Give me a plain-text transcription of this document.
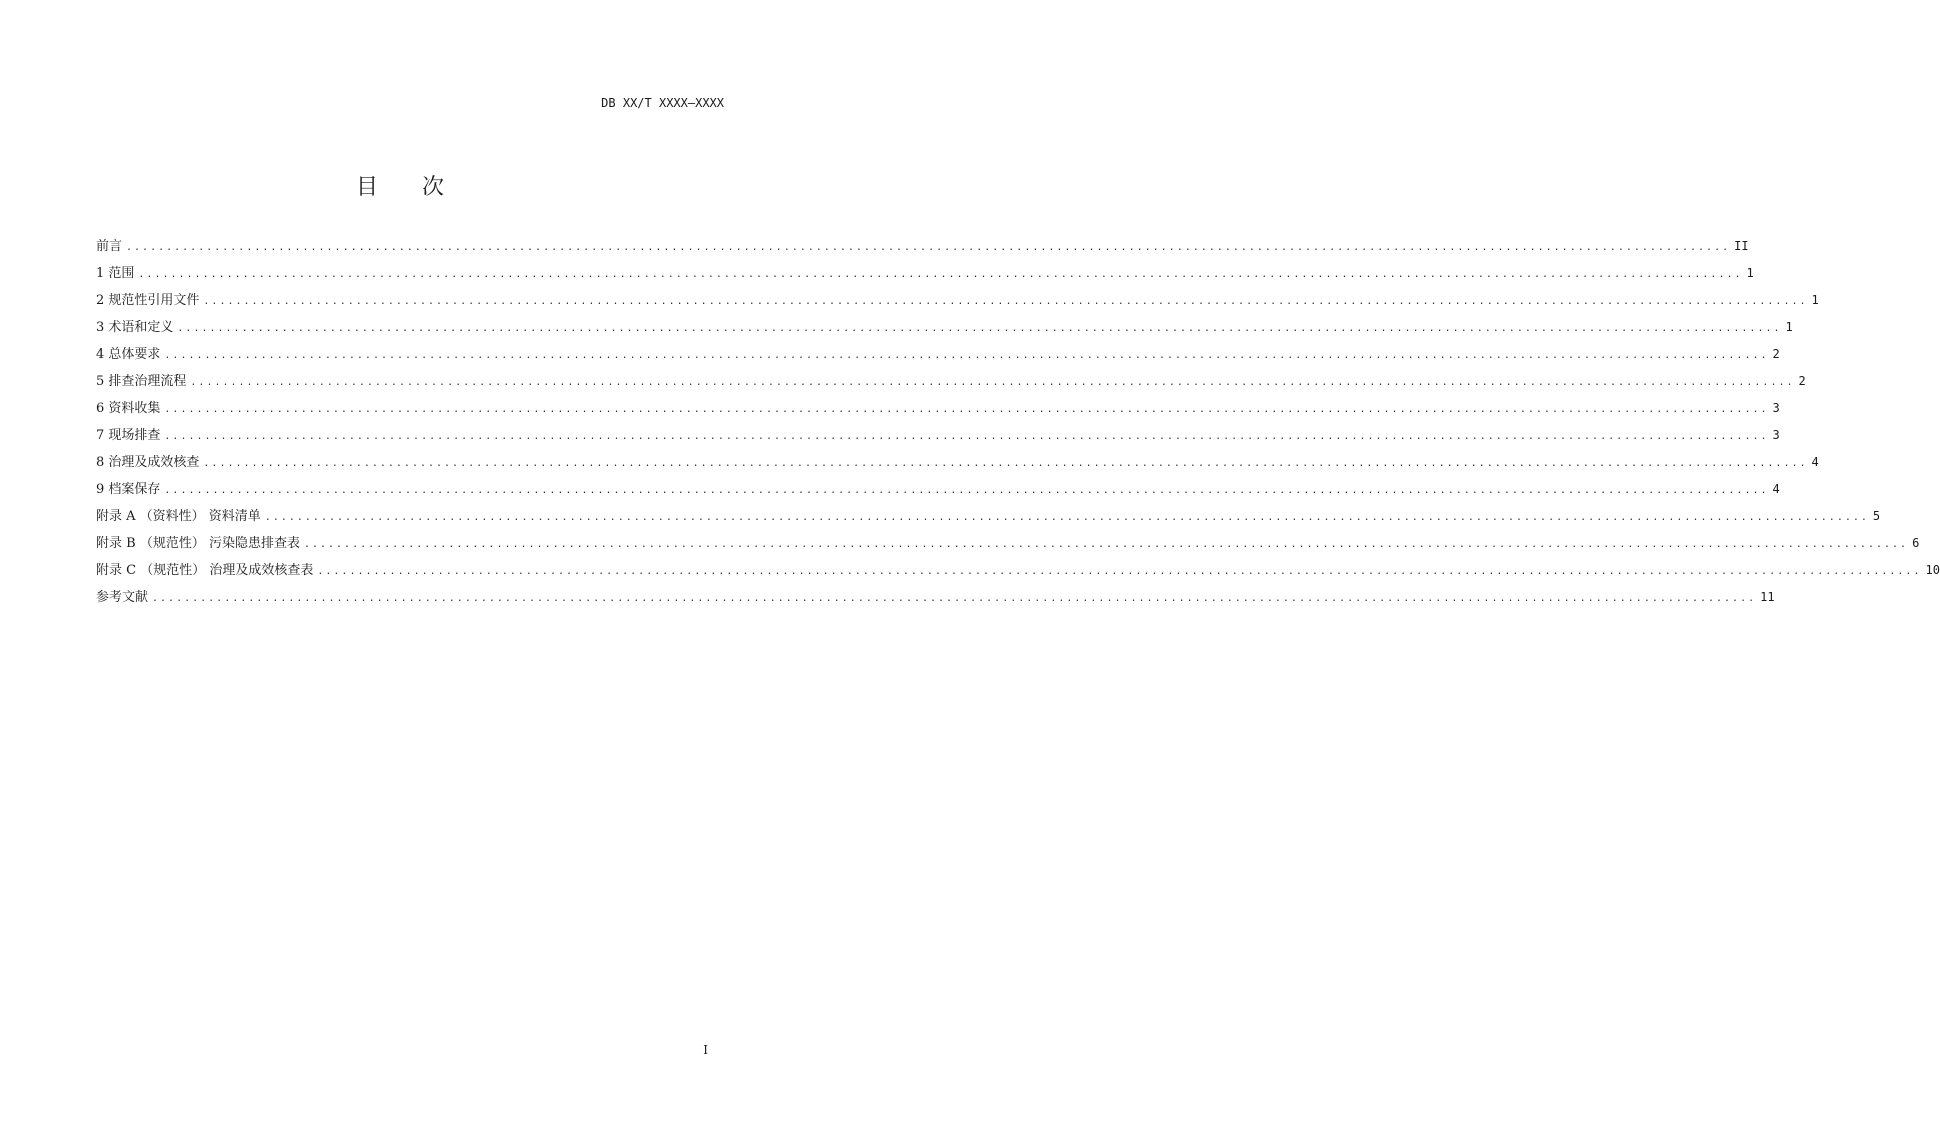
DB XX/T XXXX—XXXX
目次
前言 ........................................................................................................................................................................................................ II
1 范围 ........................................................................................................................................................................................................ 1
2 规范性引用文件 ........................................................................................................................................................................................................ 1
3 术语和定义 ........................................................................................................................................................................................................ 1
4 总体要求 ........................................................................................................................................................................................................ 2
5 排查治理流程 ........................................................................................................................................................................................................ 2
6 资料收集 ........................................................................................................................................................................................................ 3
7 现场排查 ........................................................................................................................................................................................................ 3
8 治理及成效核查 ........................................................................................................................................................................................................ 4
9 档案保存 ........................................................................................................................................................................................................ 4
附录 A （资料性） 资料清单 ........................................................................................................................................................................................................ 5
附录 B （规范性） 污染隐患排查表 ........................................................................................................................................................................................................ 6
附录 C （规范性） 治理及成效核查表 ........................................................................................................................................................................................................ 10
参考文献 ........................................................................................................................................................................................................ 11
I
